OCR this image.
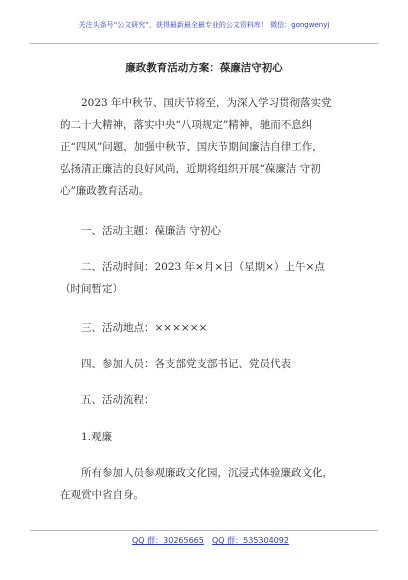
关注头条号“公文研究”，获得最新最全最专业的公文资料库！ 微信：gongwenyj
廉政教育活动方案：葆廉洁守初心
2023 年中秋节、国庆节将至，为深入学习贯彻落实党
的二十大精神，落实中央“八项规定”精神，驰而不息纠
正“四风”问题，加强中秋节、国庆节期间廉洁自律工作，
弘扬清正廉洁的良好风尚，近期将组织开展“葆廉洁 守初
心”廉政教育活动。
一、活动主题：葆廉洁 守初心
二、活动时间：2023 年×月×日（星期×）上午×点
（时间暂定）
三、活动地点：××××××
四、参加人员：各支部党支部书记、党员代表
五、活动流程：
1.观廉
所有参加人员参观廉政文化园，沉浸式体验廉政文化，
在观赏中省自身。
QQ 群：30265665 QQ 群：535304092
